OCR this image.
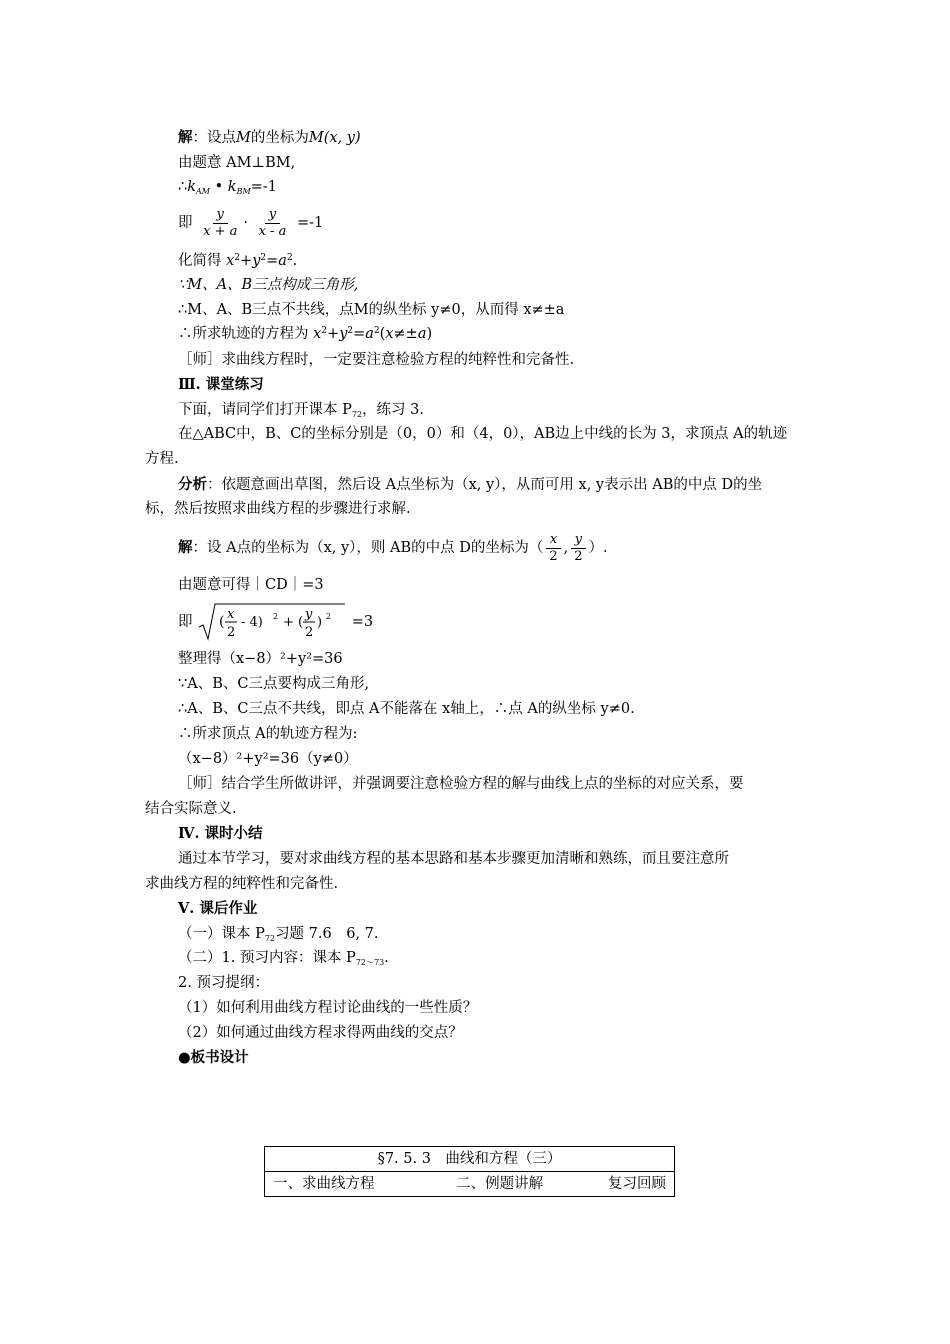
解：设点M的坐标为M(x, y)
由题意 AM⊥BM,
$\therefore k_{AM}$ • $k_{BM}=-1$
即 $\frac{y}{x + a} \cdot \frac{y}{x - a} =-1$
化简得 $x^2+y^2=a^2$.
∵M、A、B三点构成三角形,
∴M、A、B三点不共线，点M的纵坐标 y≠0，从而得 x≠±a
∴所求轨迹的方程为 $x^2+y^2=a^2(x\ne\pm a)$
［师］求曲线方程时，一定要注意检验方程的纯粹性和完备性.
Ⅲ. 课堂练习
下面，请同学们打开课本 $P_{72}$，练习 3.
在△ABC中，B、C的坐标分别是（0，0）和（4，0），AB边上中线的长为 3，求顶点 A的轨迹
方程.
分析：依题意画出草图，然后设 A点坐标为（x, y），从而可用 x, y表示出 AB的中点 D的坐
标，然后按照求曲线方程的步骤进行求解.
解：设 A点的坐标为（x, y），则 AB的中点 D的坐标为（ $\frac{x}{2}$ , $\frac{y}{2}$ ）.
由题意可得｜CD｜=3
即 ( x
2
- 4) 2 + (
y
2
) 2 =3
整理得（x−8）²+y²=36
∵A、B、C三点要构成三角形,
∴A、B、C三点不共线，即点 A不能落在 x轴上，∴点 A的纵坐标 y≠0.
∴所求顶点 A的轨迹方程为:
（x−8）²+y²=36（y≠0）
［师］结合学生所做讲评，并强调要注意检验方程的解与曲线上点的坐标的对应关系，要
结合实际意义.
Ⅳ. 课时小结
通过本节学习，要对求曲线方程的基本思路和基本步骤更加清晰和熟练，而且要注意所
求曲线方程的纯粹性和完备性.
Ⅴ. 课后作业
（一）课本 $P_{72}$习题 7.6　6, 7.
（二）1. 预习内容：课本 $P_{72\sim 73}$.
2. 预习提纲：
（1）如何利用曲线方程讨论曲线的一些性质？
（2）如何通过曲线方程求得两曲线的交点？
●板书设计
§7. 5. 3　曲线和方程（三）
一、求曲线方程	二、例题讲解	复习回顾
